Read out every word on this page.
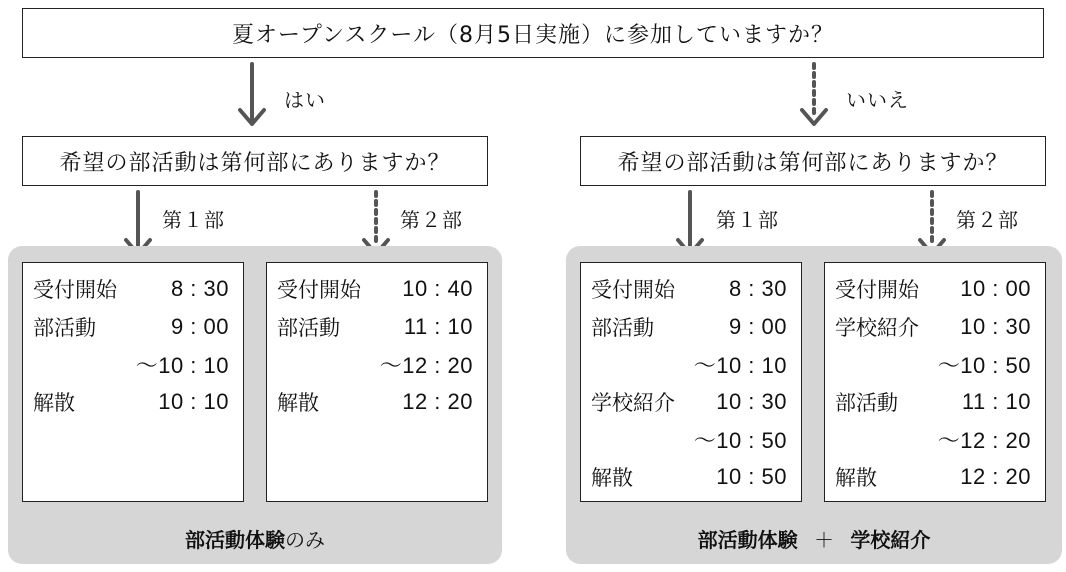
夏オープンスクール（8月5日実施）に参加していますか？
はい	いいえ
希望の部活動は第何部にありますか？	希望の部活動は第何部にありますか？
第１部	第２部	第１部	第２部
受付開始 8 : 30
部活動	9 : 00
～10 : 10
解散	10 : 10
受付開始 10 : 40
部活動	11 : 10
～12 : 20
解散	12 : 20
受付開始 8 : 30
部活動	9 : 00
～10 : 10
学校紹介 10 : 30
～10 : 50
解散	10 : 50
受付開始 10 : 00
学校紹介 10 : 30
～10 : 50
部活動	11 : 10
～12 : 20
解散	12 : 20
部活動体験のみ	部活動体験 ＋ 学校紹介
